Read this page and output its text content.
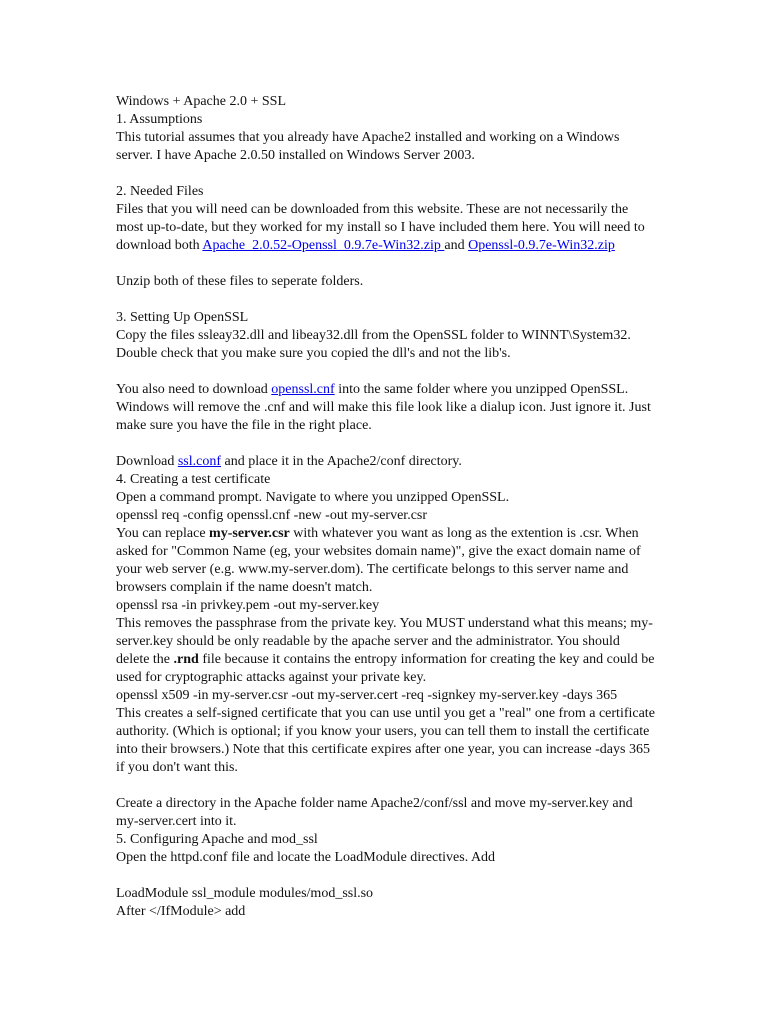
Windows + Apache 2.0 + SSL

1. Assumptions

This tutorial assumes that you already have Apache2 installed and working on a Windows server. I have Apache 2.0.50 installed on Windows Server 2003.

2. Needed Files

Files that you will need can be downloaded from this website. These are not necessarily the most up-to-date, but they worked for my install so I have included them here. You will need to download both Apache_2.0.52-Openssl_0.9.7e-Win32.zip and Openssl-0.9.7e-Win32.zip

Unzip both of these files to seperate folders.

3. Setting Up OpenSSL

Copy the files ssleay32.dll and libeay32.dll from the OpenSSL folder to WINNT\System32. Double check that you make sure you copied the dll's and not the lib's.

You also need to download openssl.cnf into the same folder where you unzipped OpenSSL. Windows will remove the .cnf and will make this file look like a dialup icon. Just ignore it. Just make sure you have the file in the right place.

Download ssl.conf and place it in the Apache2/conf directory.

4. Creating a test certificate

Open a command prompt. Navigate to where you unzipped OpenSSL.

openssl req -config openssl.cnf -new -out my-server.csr

You can replace my-server.csr with whatever you want as long as the extention is .csr. When asked for "Common Name (eg, your websites domain name)", give the exact domain name of your web server (e.g. www.my-server.dom). The certificate belongs to this server name and browsers complain if the name doesn't match.

openssl rsa -in privkey.pem -out my-server.key

This removes the passphrase from the private key. You MUST understand what this means; my-server.key should be only readable by the apache server and the administrator. You should delete the .rnd file because it contains the entropy information for creating the key and could be used for cryptographic attacks against your private key.

openssl x509 -in my-server.csr -out my-server.cert -req -signkey my-server.key -days 365

This creates a self-signed certificate that you can use until you get a "real" one from a certificate authority. (Which is optional; if you know your users, you can tell them to install the certificate into their browsers.) Note that this certificate expires after one year, you can increase -days 365 if you don't want this.

Create a directory in the Apache folder name Apache2/conf/ssl and move my-server.key and my-server.cert into it.

5. Configuring Apache and mod_ssl

Open the httpd.conf file and locate the LoadModule directives. Add

LoadModule ssl_module modules/mod_ssl.so

After </IfModule> add
